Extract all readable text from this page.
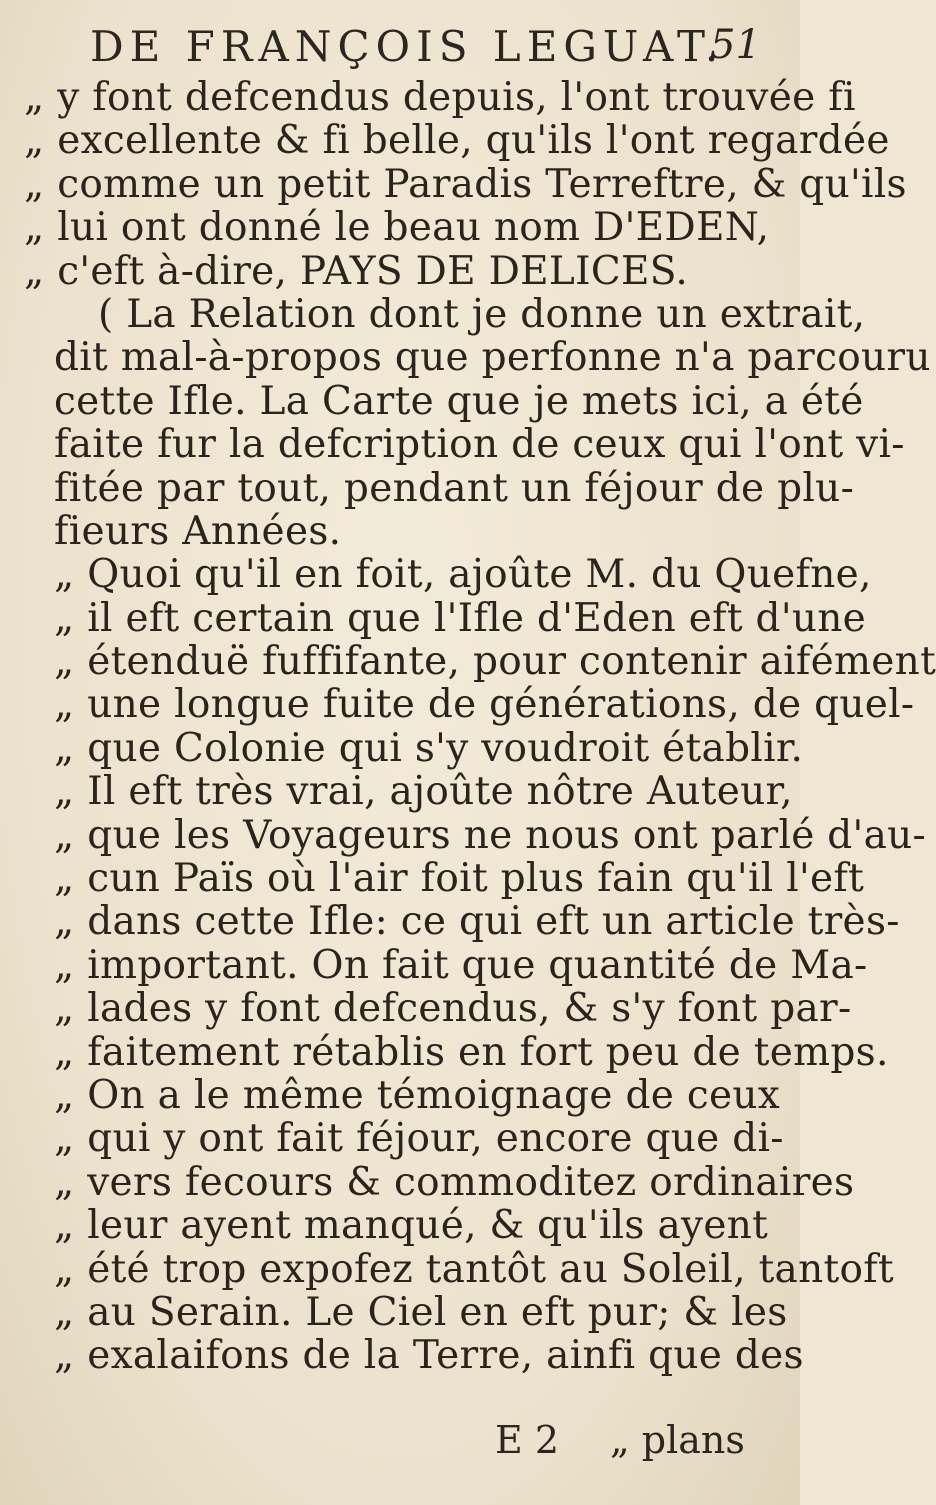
DE FRANÇOIS LEGUAT.
51
„ y font defcendus depuis, l'ont trouvée fi
„ excellente & fi belle, qu'ils l'ont regardée
„ comme un petit Paradis Terreftre, & qu'ils
„ lui ont donné le beau nom D'EDEN,
„ c'eft à-dire, PAYS DE DELICES.
( La Relation dont je donne un extrait,
dit mal-à-propos que perfonne n'a parcouru
cette Ifle. La Carte que je mets ici, a été
faite fur la defcription de ceux qui l'ont vi-
fitée par tout, pendant un féjour de plu-
fieurs Années.
„ Quoi qu'il en foit, ajoûte M. du Quefne,
„ il eft certain que l'Ifle d'Eden eft d'une
„ étenduë fuffifante, pour contenir aifément
„ une longue fuite de générations, de quel-
„ que Colonie qui s'y voudroit établir.
„ Il eft très vrai, ajoûte nôtre Auteur,
„ que les Voyageurs ne nous ont parlé d'au-
„ cun Païs où l'air foit plus fain qu'il l'eft
„ dans cette Ifle: ce qui eft un article très-
„ important. On fait que quantité de Ma-
„ lades y font defcendus, & s'y font par-
„ faitement rétablis en fort peu de temps.
„ On a le même témoignage de ceux
„ qui y ont fait féjour, encore que di-
„ vers fecours & commoditez ordinaires
„ leur ayent manqué, & qu'ils ayent
„ été trop expofez tantôt au Soleil, tantoft
„ au Serain. Le Ciel en eft pur; & les
„ exalaifons de la Terre, ainfi que des
E 2 „ plans
